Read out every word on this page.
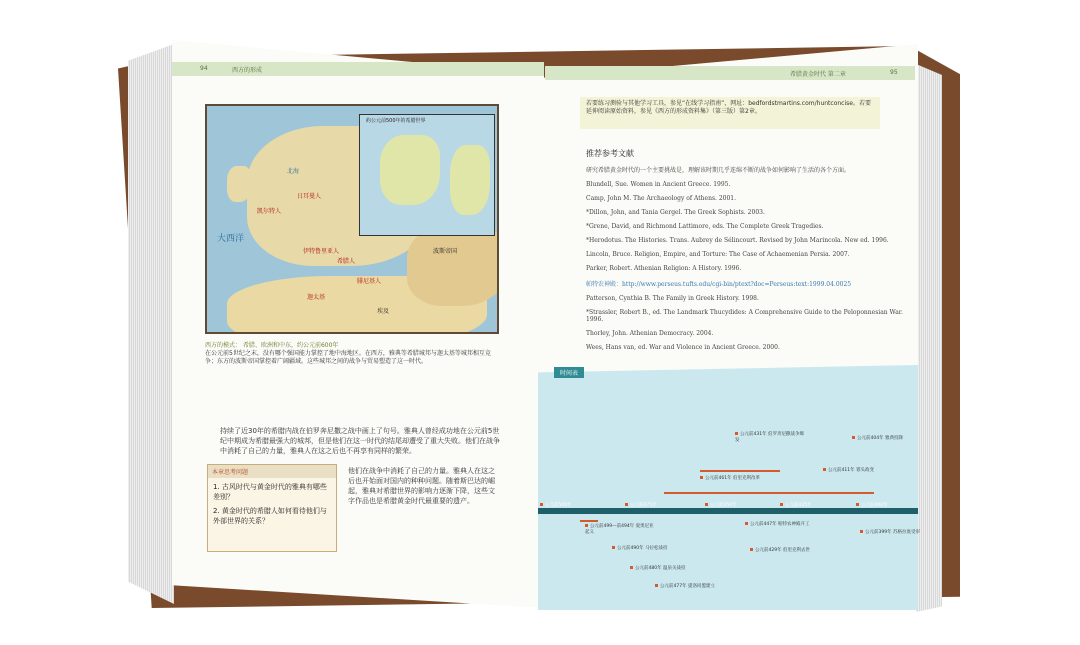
94	西方的形成
大西洋
北海
凯尔特人
日耳曼人
波斯帝国
迦太基
埃及
腓尼基人
希腊人
伊特鲁里亚人
約公元前500年的希腊世界
西方的模式： 希腊、欧洲和中东，约公元前600年
在公元前5世纪之末，没有哪个强国能力掌控了地中海地区。在西方，雅典等希腊城邦与迦太基等城邦相互竞争；东方的波斯帝国掌控着广阔疆域。这些城邦之间的战争与贸易塑造了这一时代。
持续了近30年的希腊内战在伯罗奔尼撒之战中画上了句号。雅典人曾经成功地在公元前5世纪中期成为希腊最强大的城邦，但是他们在这一时代的结尾却遭受了重大失败。他们在战争中消耗了自己的力量，雅典人在这之后也不再享有同样的繁荣。
他们在战争中消耗了自己的力量。雅典人在这之后也开始面对国内的种种问题。随着斯巴达的崛起，雅典对希腊世界的影响力逐渐下降，这些文字作品也是希腊黄金时代最重要的遗产。
本章思考问题
1. 古风时代与黄金时代的雅典有哪些差别？
2. 黄金时代的希腊人如何看待他们与外部世界的关系？
希腊黄金时代 第二章	95
若要练习测验与其他学习工具，参见“在线学习指南”，网址：bedfordstmartins.com/huntconcise。若要延伸阅读原始资料，参见《西方的形成资料集》（第三版）第2章。
推荐参考文献
研究希腊黄金时代的一个主要挑战是，理解该时期几乎连绵不断的战争如何影响了生活的各个方面。
Blundell, Sue. Women in Ancient Greece. 1995.
Camp, John M. The Archaeology of Athens. 2001.
*Dillon, John, and Tania Gergel. The Greek Sophists. 2003.
*Grene, David, and Richmond Lattimore, eds. The Complete Greek Tragedies.
*Herodotus. The Histories. Trans. Aubrey de Sélincourt. Revised by John Marincola. New ed. 1996.
Lincoln, Bruce. Religion, Empire, and Torture: The Case of Achaemenian Persia. 2007.
Parker, Robert. Athenian Religion: A History. 1996.
帕特农神殿：http://www.perseus.tufts.edu/cgi-bin/ptext?doc=Perseus:text:1999.04.0025
Patterson, Cynthia B. The Family in Greek History. 1998.
*Strassler, Robert B., ed. The Landmark Thucydides: A Comprehensive Guide to the Peloponnesian War. 1996.
Thorley, John. Athenian Democracy. 2004.
Wees, Hans van, ed. War and Violence in Ancient Greece. 2000.
时间表
公元前500年	公元前475年	公元前450年	公元前425年	公元前400年
公元前499—前494年 爱奥尼亚起义
公元前490年 马拉松战役
公元前480年 温泉关战役
公元前477年 提洛同盟建立
公元前461年 伯里克利改革
公元前447年 帕特农神殿开工
公元前431年 伯罗奔尼撒战争爆发
公元前429年 伯里克利去世
公元前411年 寡头政变
公元前404年 雅典投降
公元前399年 苏格拉底受审
